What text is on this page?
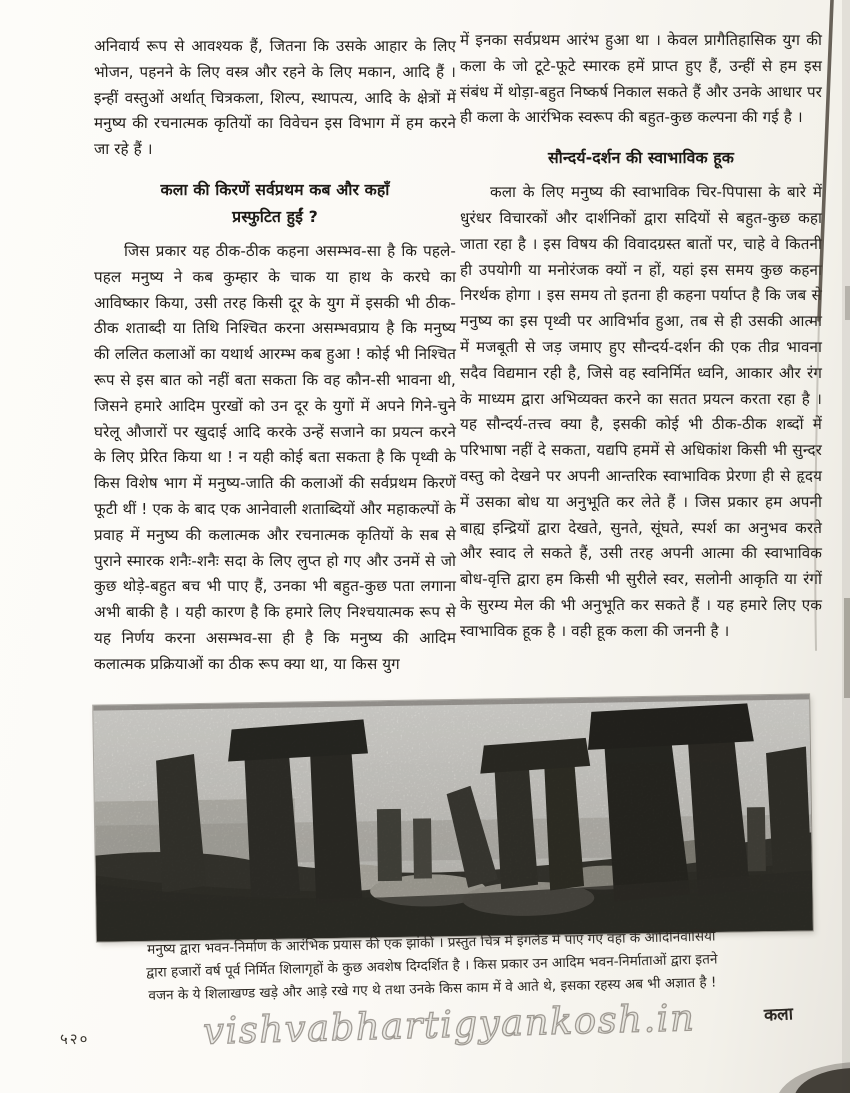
अनिवार्य रूप से आवश्यक हैं, जितना कि उसके आहार के लिए भोजन, पहनने के लिए वस्त्र और रहने के लिए मकान, आदि हैं । इन्हीं वस्तुओं अर्थात् चित्रकला, शिल्प, स्थापत्य, आदि के क्षेत्रों में मनुष्य की रचनात्मक कृतियों का विवेचन इस विभाग में हम करने जा रहे हैं ।

कला की किरणें सर्वप्रथम कब और कहाँ
प्रस्फुटित हुईं ?

जिस प्रकार यह ठीक-ठीक कहना असम्भव-सा है कि पहले-पहल मनुष्य ने कब कुम्हार के चाक या हाथ के करघे का आविष्कार किया, उसी तरह किसी दूर के युग में इसकी भी ठीक-ठीक शताब्दी या तिथि निश्चित करना असम्भवप्राय है कि मनुष्य की ललित कलाओं का यथार्थ आरम्भ कब हुआ ! कोई भी निश्चित रूप से इस बात को नहीं बता सकता कि वह कौन-सी भावना थी, जिसने हमारे आदिम पुरखों को उन दूर के युगों में अपने गिने-चुने घरेलू औजारों पर खुदाई आदि करके उन्हें सजाने का प्रयत्न करने के लिए प्रेरित किया था ! न यही कोई बता सकता है कि पृथ्वी के किस विशेष भाग में मनुष्य-जाति की कलाओं की सर्वप्रथम किरणें फूटी थीं ! एक के बाद एक आनेवाली शताब्दियों और महाकल्पों के प्रवाह में मनुष्य की कलात्मक और रचनात्मक कृतियों के सब से पुराने स्मारक शनैः-शनैः सदा के लिए लुप्त हो गए और उनमें से जो कुछ थोड़े-बहुत बच भी पाए हैं, उनका भी बहुत-कुछ पता लगाना अभी बाकी है । यही कारण है कि हमारे लिए निश्चयात्मक रूप से यह निर्णय करना असम्भव-सा ही है कि मनुष्य की आदिम कलात्मक प्रक्रियाओं का ठीक रूप क्या था, या किस युग

में इनका सर्वप्रथम आरंभ हुआ था । केवल प्रागैतिहासिक युग की कला के जो टूटे-फूटे स्मारक हमें प्राप्त हुए हैं, उन्हीं से हम इस संबंध में थोड़ा-बहुत निष्कर्ष निकाल सकते हैं और उनके आधार पर ही कला के आरंभिक स्वरूप की बहुत-कुछ कल्पना की गई है ।

सौन्दर्य-दर्शन की स्वाभाविक हूक

कला के लिए मनुष्य की स्वाभाविक चिर-पिपासा के बारे में धुरंधर विचारकों और दार्शनिकों द्वारा सदियों से बहुत-कुछ कहा जाता रहा है । इस विषय की विवादग्रस्त बातों पर, चाहे वे कितनी ही उपयोगी या मनोरंजक क्यों न हों, यहां इस समय कुछ कहना निरर्थक होगा । इस समय तो इतना ही कहना पर्याप्त है कि जब से मनुष्य का इस पृथ्वी पर आविर्भाव हुआ, तब से ही उसकी आत्मा में मजबूती से जड़ जमाए हुए सौन्दर्य-दर्शन की एक तीव्र भावना सदैव विद्यमान रही है, जिसे वह स्वनिर्मित ध्वनि, आकार और रंग के माध्यम द्वारा अभिव्यक्त करने का सतत प्रयत्न करता रहा है । यह सौन्दर्य-तत्त्व क्या है, इसकी कोई भी ठीक-ठीक शब्दों में परिभाषा नहीं दे सकता, यद्यपि हममें से अधिकांश किसी भी सुन्दर वस्तु को देखने पर अपनी आन्तरिक स्वाभाविक प्रेरणा ही से हृदय में उसका बोध या अनुभूति कर लेते हैं । जिस प्रकार हम अपनी बाह्य इन्द्रियों द्वारा देखते, सुनते, सूंघते, स्पर्श का अनुभव करते और स्वाद ले सकते हैं, उसी तरह अपनी आत्मा की स्वाभाविक बोध-वृत्ति द्वारा हम किसी भी सुरीले स्वर, सलोनी आकृति या रंगों के सुरम्य मेल की भी अनुभूति कर सकते हैं । यह हमारे लिए एक स्वाभाविक हूक है । वही हूक कला की जननी है ।

मनुष्य द्वारा भवन-निर्माण के आरंभिक प्रयास की एक झांकी । प्रस्तुत चित्र में इंगलैंड में पाए गए वहां के आदिनिवासियों
द्वारा हजारों वर्ष पूर्व निर्मित शिलागृहों के कुछ अवशेष दिग्दर्शित है । किस प्रकार उन आदिम भवन-निर्माताओं द्वारा इतने
वजन के ये शिलाखण्ड खड़े और आड़े रखे गए थे तथा उनके किस काम में वे आते थे, इसका रहस्य अब भी अज्ञात है !
vishvabhartigyankosh.in
५२०
कला
